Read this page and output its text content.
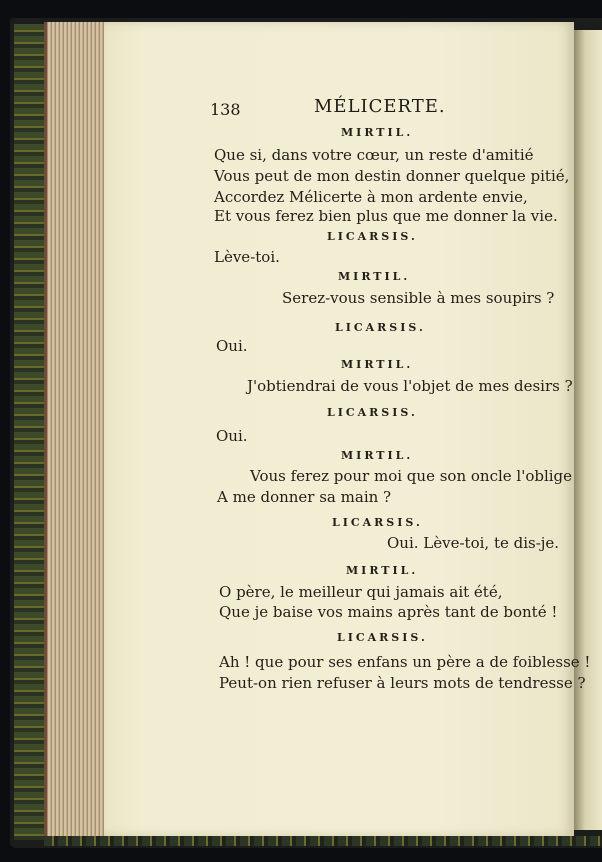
138	MÉLICERTE.

MIRTIL.

Que si, dans votre cœur, un reste d'amitié

Vous peut de mon destin donner quelque pitié,

Accordez Mélicerte à mon ardente envie,

Et vous ferez bien plus que me donner la vie.

LICARSIS.

Lève-toi.

MIRTIL.

Serez-vous sensible à mes soupirs ?

LICARSIS.

Oui.

MIRTIL.

J'obtiendrai de vous l'objet de mes desirs ?

LICARSIS.

Oui.

MIRTIL.

Vous ferez pour moi que son oncle l'oblige

A me donner sa main ?

LICARSIS.

Oui. Lève-toi, te dis-je.

MIRTIL.

O père, le meilleur qui jamais ait été,

Que je baise vos mains après tant de bonté !

LICARSIS.

Ah ! que pour ses enfans un père a de foiblesse !

Peut-on rien refuser à leurs mots de tendresse ?
